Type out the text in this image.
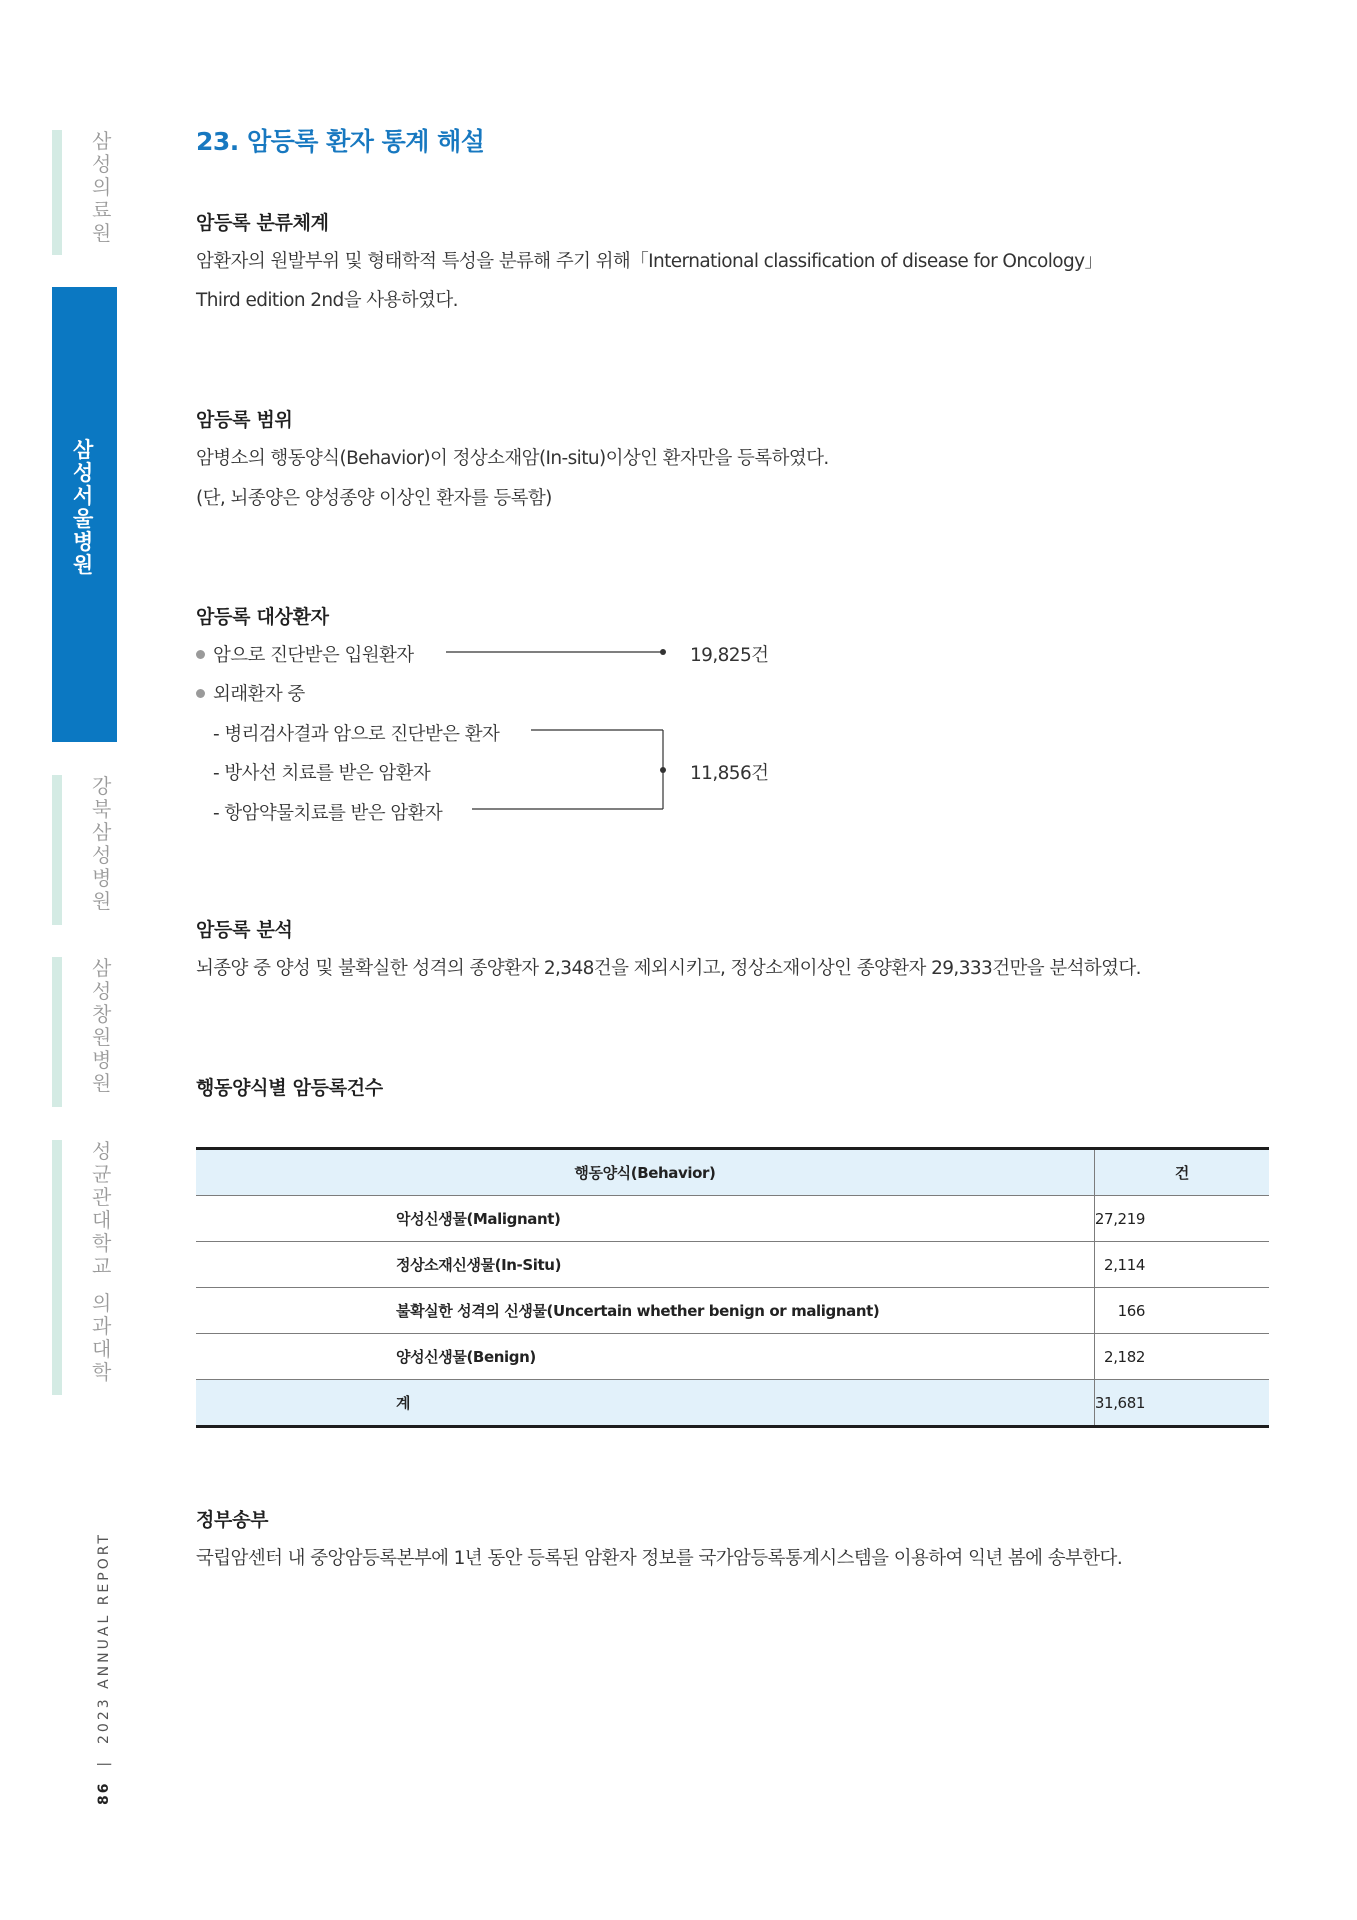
삼
성
의
료
원
삼
성
서
울
병
원
강
북
삼
성
병
원
삼
성
창
원
병
원
성
균
관
대
학
교

의
과
대
학
86  |  2023 ANNUAL REPORT
23. 암등록 환자 통계 해설
암등록 분류체계

암환자의 원발부위 및 형태학적 특성을 분류해 주기 위해「International classification of disease for Oncology」

Third edition 2nd을 사용하였다.

암등록 범위

암병소의 행동양식(Behavior)이 정상소재암(In-situ)이상인 환자만을 등록하였다.

(단, 뇌종양은 양성종양 이상인 환자를 등록함)

암등록 대상환자
암으로 진단받은 입원환자	19,825건
외래환자 중
- 병리검사결과 암으로 진단받은 환자
- 방사선 치료를 받은 암환자
- 항암약물치료를 받은 암환자
11,856건
암등록 분석

뇌종양 중 양성 및 불확실한 성격의 종양환자 2,348건을 제외시키고, 정상소재이상인 종양환자 29,333건만을 분석하였다.

행동양식별 암등록건수
행동양식(Behavior)	건
악성신생물(Malignant)	27,219
정상소재신생물(In-Situ)	2,114
불확실한 성격의 신생물(Uncertain whether benign or malignant)	166
양성신생물(Benign)	2,182
계	31,681
정부송부

국립암센터 내 중앙암등록본부에 1년 동안 등록된 암환자 정보를 국가암등록통계시스템을 이용하여 익년 봄에 송부한다.
